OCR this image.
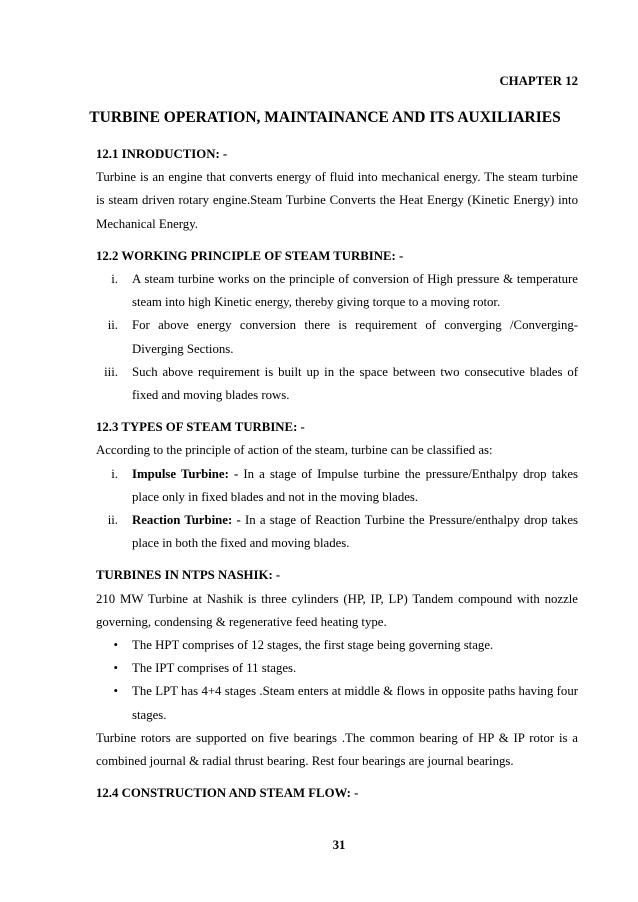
CHAPTER 12
TURBINE OPERATION, MAINTAINANCE AND ITS AUXILIARIES
12.1 INRODUCTION: -
Turbine is an engine that converts energy of fluid into mechanical energy. The steam turbine is steam driven rotary engine.Steam Turbine Converts the Heat Energy (Kinetic Energy) into Mechanical Energy.
12.2 WORKING PRINCIPLE OF STEAM TURBINE: -
i.	A steam turbine works on the principle of conversion of High pressure & temperature steam into high Kinetic energy, thereby giving torque to a moving rotor.
ii.	For above energy conversion there is requirement of converging /Converging-Diverging Sections.
iii.	Such above requirement is built up in the space between two consecutive blades of fixed and moving blades rows.
12.3 TYPES OF STEAM TURBINE: -
According to the principle of action of the steam, turbine can be classified as:
i.	Impulse Turbine: - In a stage of Impulse turbine the pressure/Enthalpy drop takes place only in fixed blades and not in the moving blades.
ii.	Reaction Turbine: - In a stage of Reaction Turbine the Pressure/enthalpy drop takes place in both the fixed and moving blades.
TURBINES IN NTPS NASHIK: -
210 MW Turbine at Nashik is three cylinders (HP, IP, LP) Tandem compound with nozzle governing, condensing & regenerative feed heating type.
•	The HPT comprises of 12 stages, the first stage being governing stage.
•	The IPT comprises of 11 stages.
•	The LPT has 4+4 stages .Steam enters at middle & flows in opposite paths having four stages.
Turbine rotors are supported on five bearings .The common bearing of HP & IP rotor is a combined journal & radial thrust bearing. Rest four bearings are journal bearings.
12.4 CONSTRUCTION AND STEAM FLOW: -
31
